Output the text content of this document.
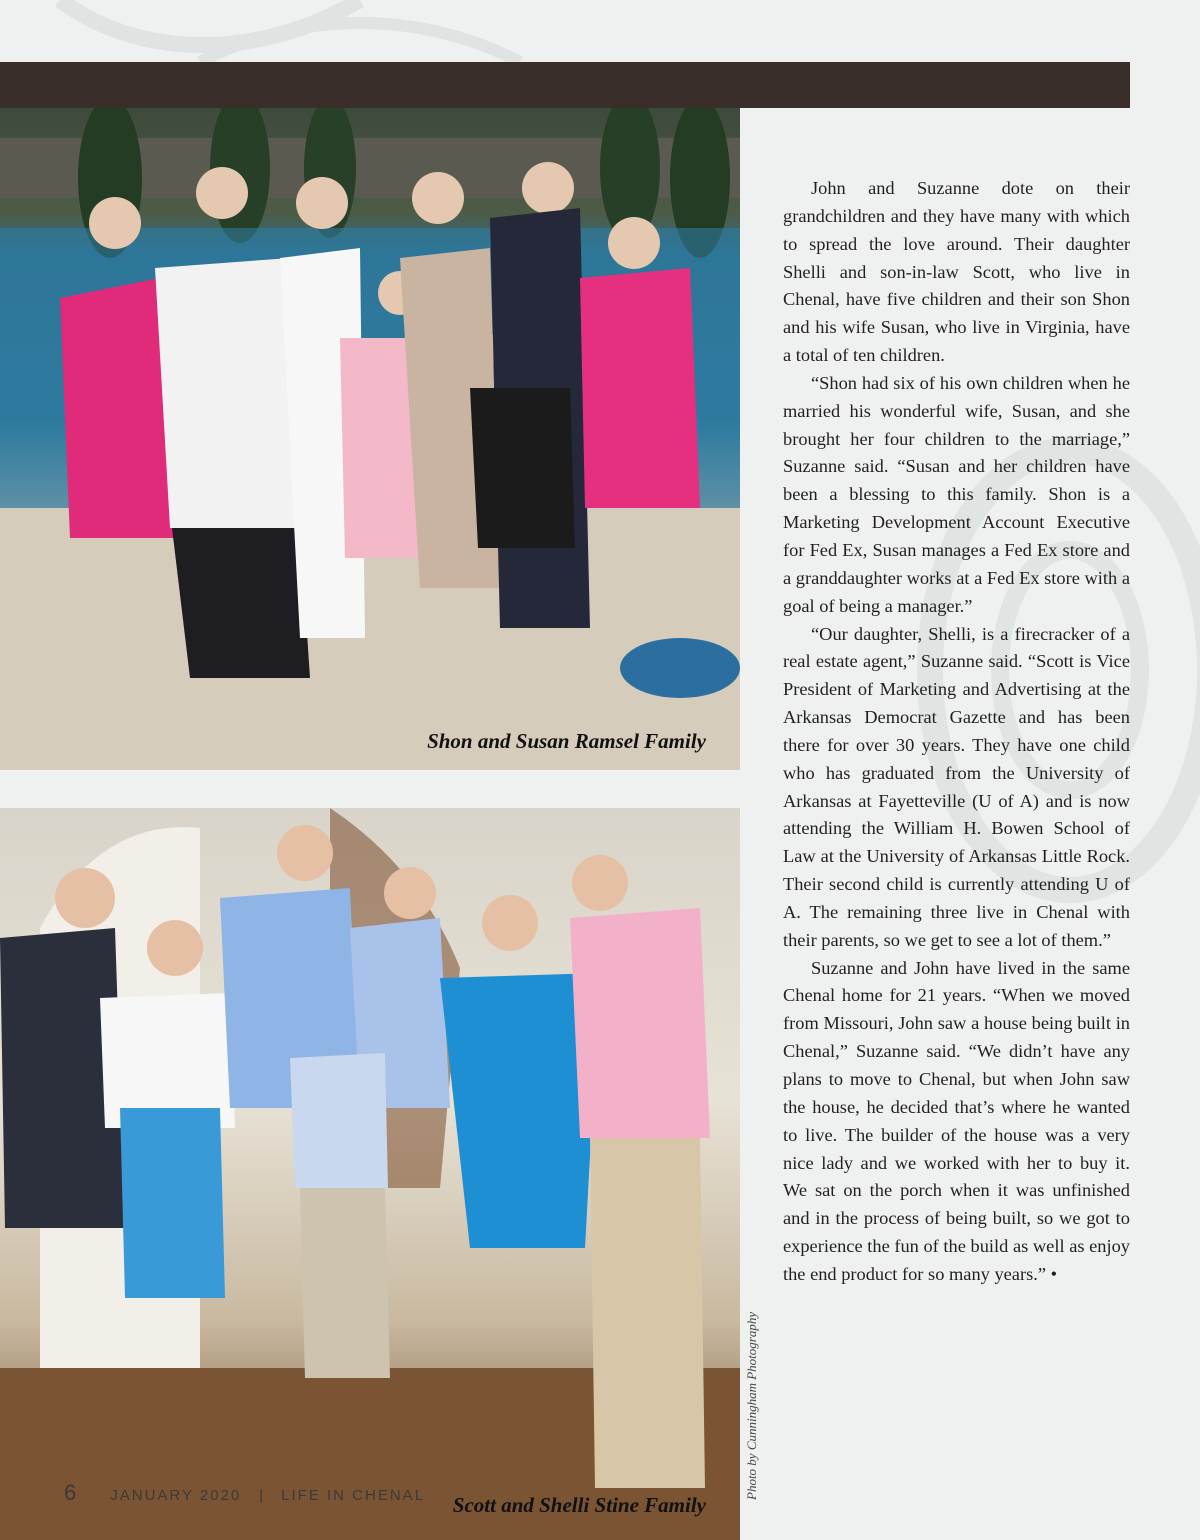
Shon and Susan Ramsel Family
Scott and Shelli Stine Family
Photo by Cunningham Photography

John and Suzanne dote on their grandchildren and they have many with which to spread the love around. Their daughter Shelli and son-in-law Scott, who live in Chenal, have five children and their son Shon and his wife Susan, who live in Virginia, have a total of ten children.

“Shon had six of his own children when he married his wonderful wife, Susan, and she brought her four children to the marriage,” Suzanne said. “Susan and her children have been a blessing to this family. Shon is a Marketing Development Account Executive for Fed Ex, Susan manages a Fed Ex store and a granddaughter works at a Fed Ex store with a goal of being a manager.”

“Our daughter, Shelli, is a firecracker of a real estate agent,” Suzanne said. “Scott is Vice President of Marketing and Advertising at the Arkansas Democrat Gazette and has been there for over 30 years. They have one child who has graduated from the University of Arkansas at Fayetteville (U of A) and is now attending the William H. Bowen School of Law at the University of Arkansas Little Rock. Their second child is currently attending U of A. The remaining three live in Chenal with their parents, so we get to see a lot of them.”

Suzanne and John have lived in the same Chenal home for 21 years. “When we moved from Missouri, John saw a house being built in Chenal,” Suzanne said. “We didn’t have any plans to move to Chenal, but when John saw the house, he decided that’s where he wanted to live. The builder of the house was a very nice lady and we worked with her to buy it. We sat on the porch when it was unfinished and in the process of being built, so we got to experience the fun of the build as well as enjoy the end product for so many years.” •

6 JANUARY 2020 | LIFE IN CHENAL
